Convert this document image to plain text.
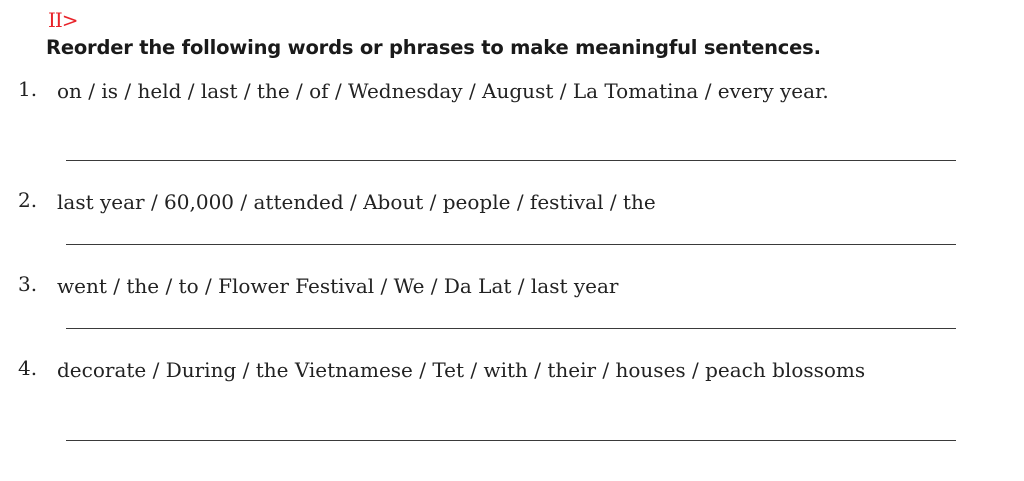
II>
Reorder the following words or phrases to make meaningful sentences.
1. on / is / held / last / the / of / Wednesday / August / La Tomatina / every year.
2. last year / 60,000 / attended / About / people / festival / the
3. went / the / to / Flower Festival / We / Da Lat / last year
4. decorate / During / the Vietnamese / Tet / with / their / houses / peach blossoms
